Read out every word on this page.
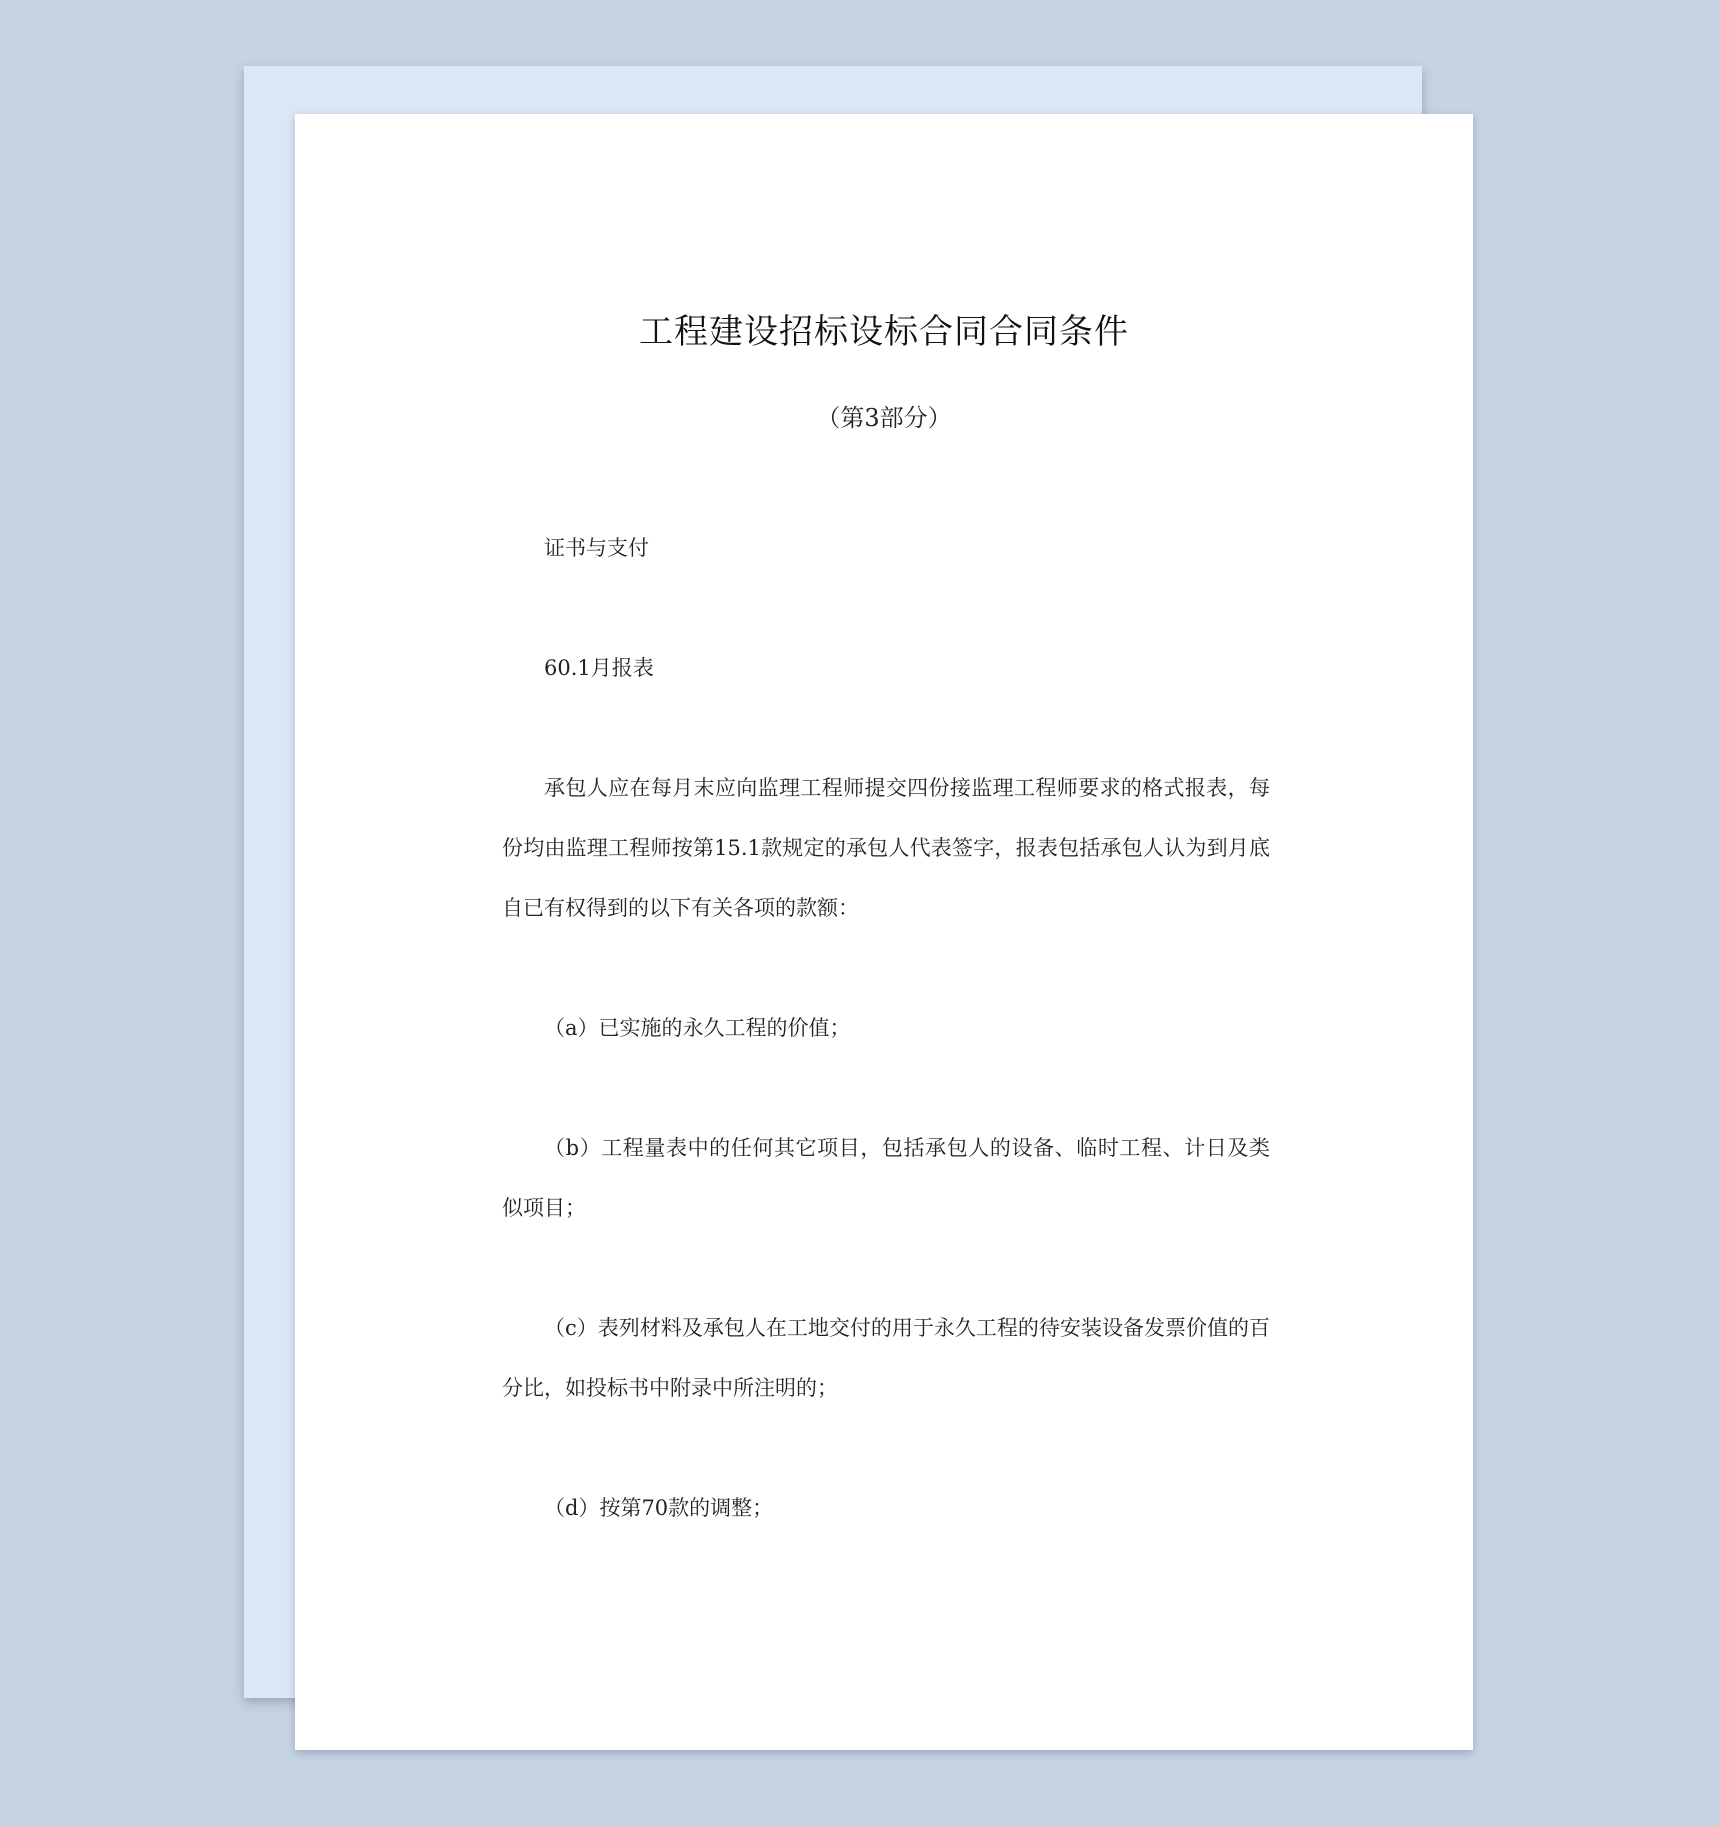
工程建设招标设标合同合同条件
（第3部分）

证书与支付

60.1月报表

承包人应在每月末应向监理工程师提交四份接监理工程师要求的格式报表，每份均由监理工程师按第15.1款规定的承包人代表签字，报表包括承包人认为到月底自已有权得到的以下有关各项的款额：

（a）已实施的永久工程的价值；

（b）工程量表中的任何其它项目，包括承包人的设备、临时工程、计日及类似项目；

（c）表列材料及承包人在工地交付的用于永久工程的待安装设备发票价值的百分比，如投标书中附录中所注明的；

（d）按第70款的调整；
